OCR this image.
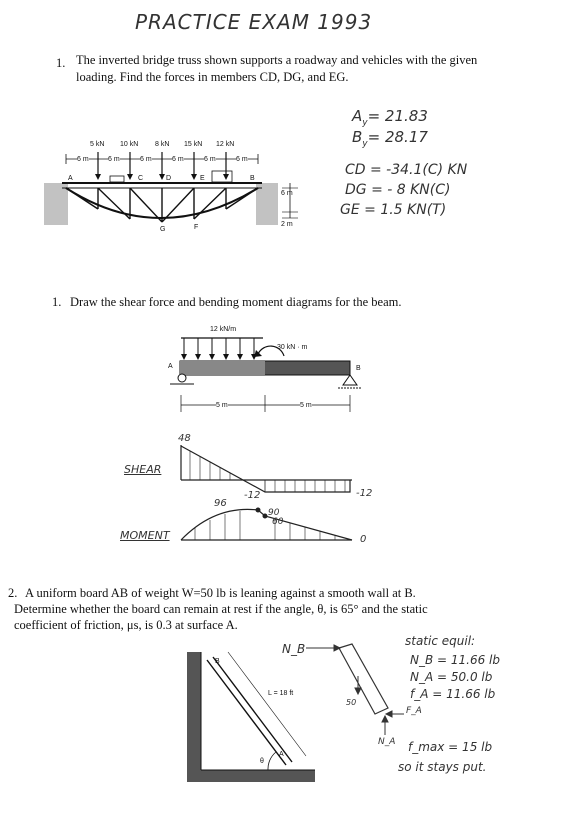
PRACTICE EXAM 1993
1. The inverted bridge truss shown supports a roadway and vehicles with the given
loading. Find the forces in members CD, DG, and EG.
5 kN 10 kN 8 kN 15 kN 12 kN
6 m	6 m	6 m	6 m	6 m	6 m
A	B
C	D	E
G	F
6 m
2 m
$A_y= 21.83$
$B_y= 28.17$
CD = -34.1(C) KN
DG = - 8 KN(C)
GE = 1.5 KN(T)
1. Draw the shear force and bending moment diagrams for the beam.
12 kN/m
30 kN · m
A	B
5 m	5 m
SHEAR
48
-12	-12
MOMENT
96
90
60
0
2. A uniform board AB of weight W=50 lb is leaning against a smooth wall at B.
Determine whether the board can remain at rest if the angle, θ, is 65° and the static
coefficient of friction, μs, is 0.3 at surface A.
B
A
L = 18 ft
θ
N_B
50
N_A
F_A
static equil:
N_B = 11.66 lb
N_A = 50.0 lb
f_A = 11.66 lb
f_max = 15 lb
so it stays put.
